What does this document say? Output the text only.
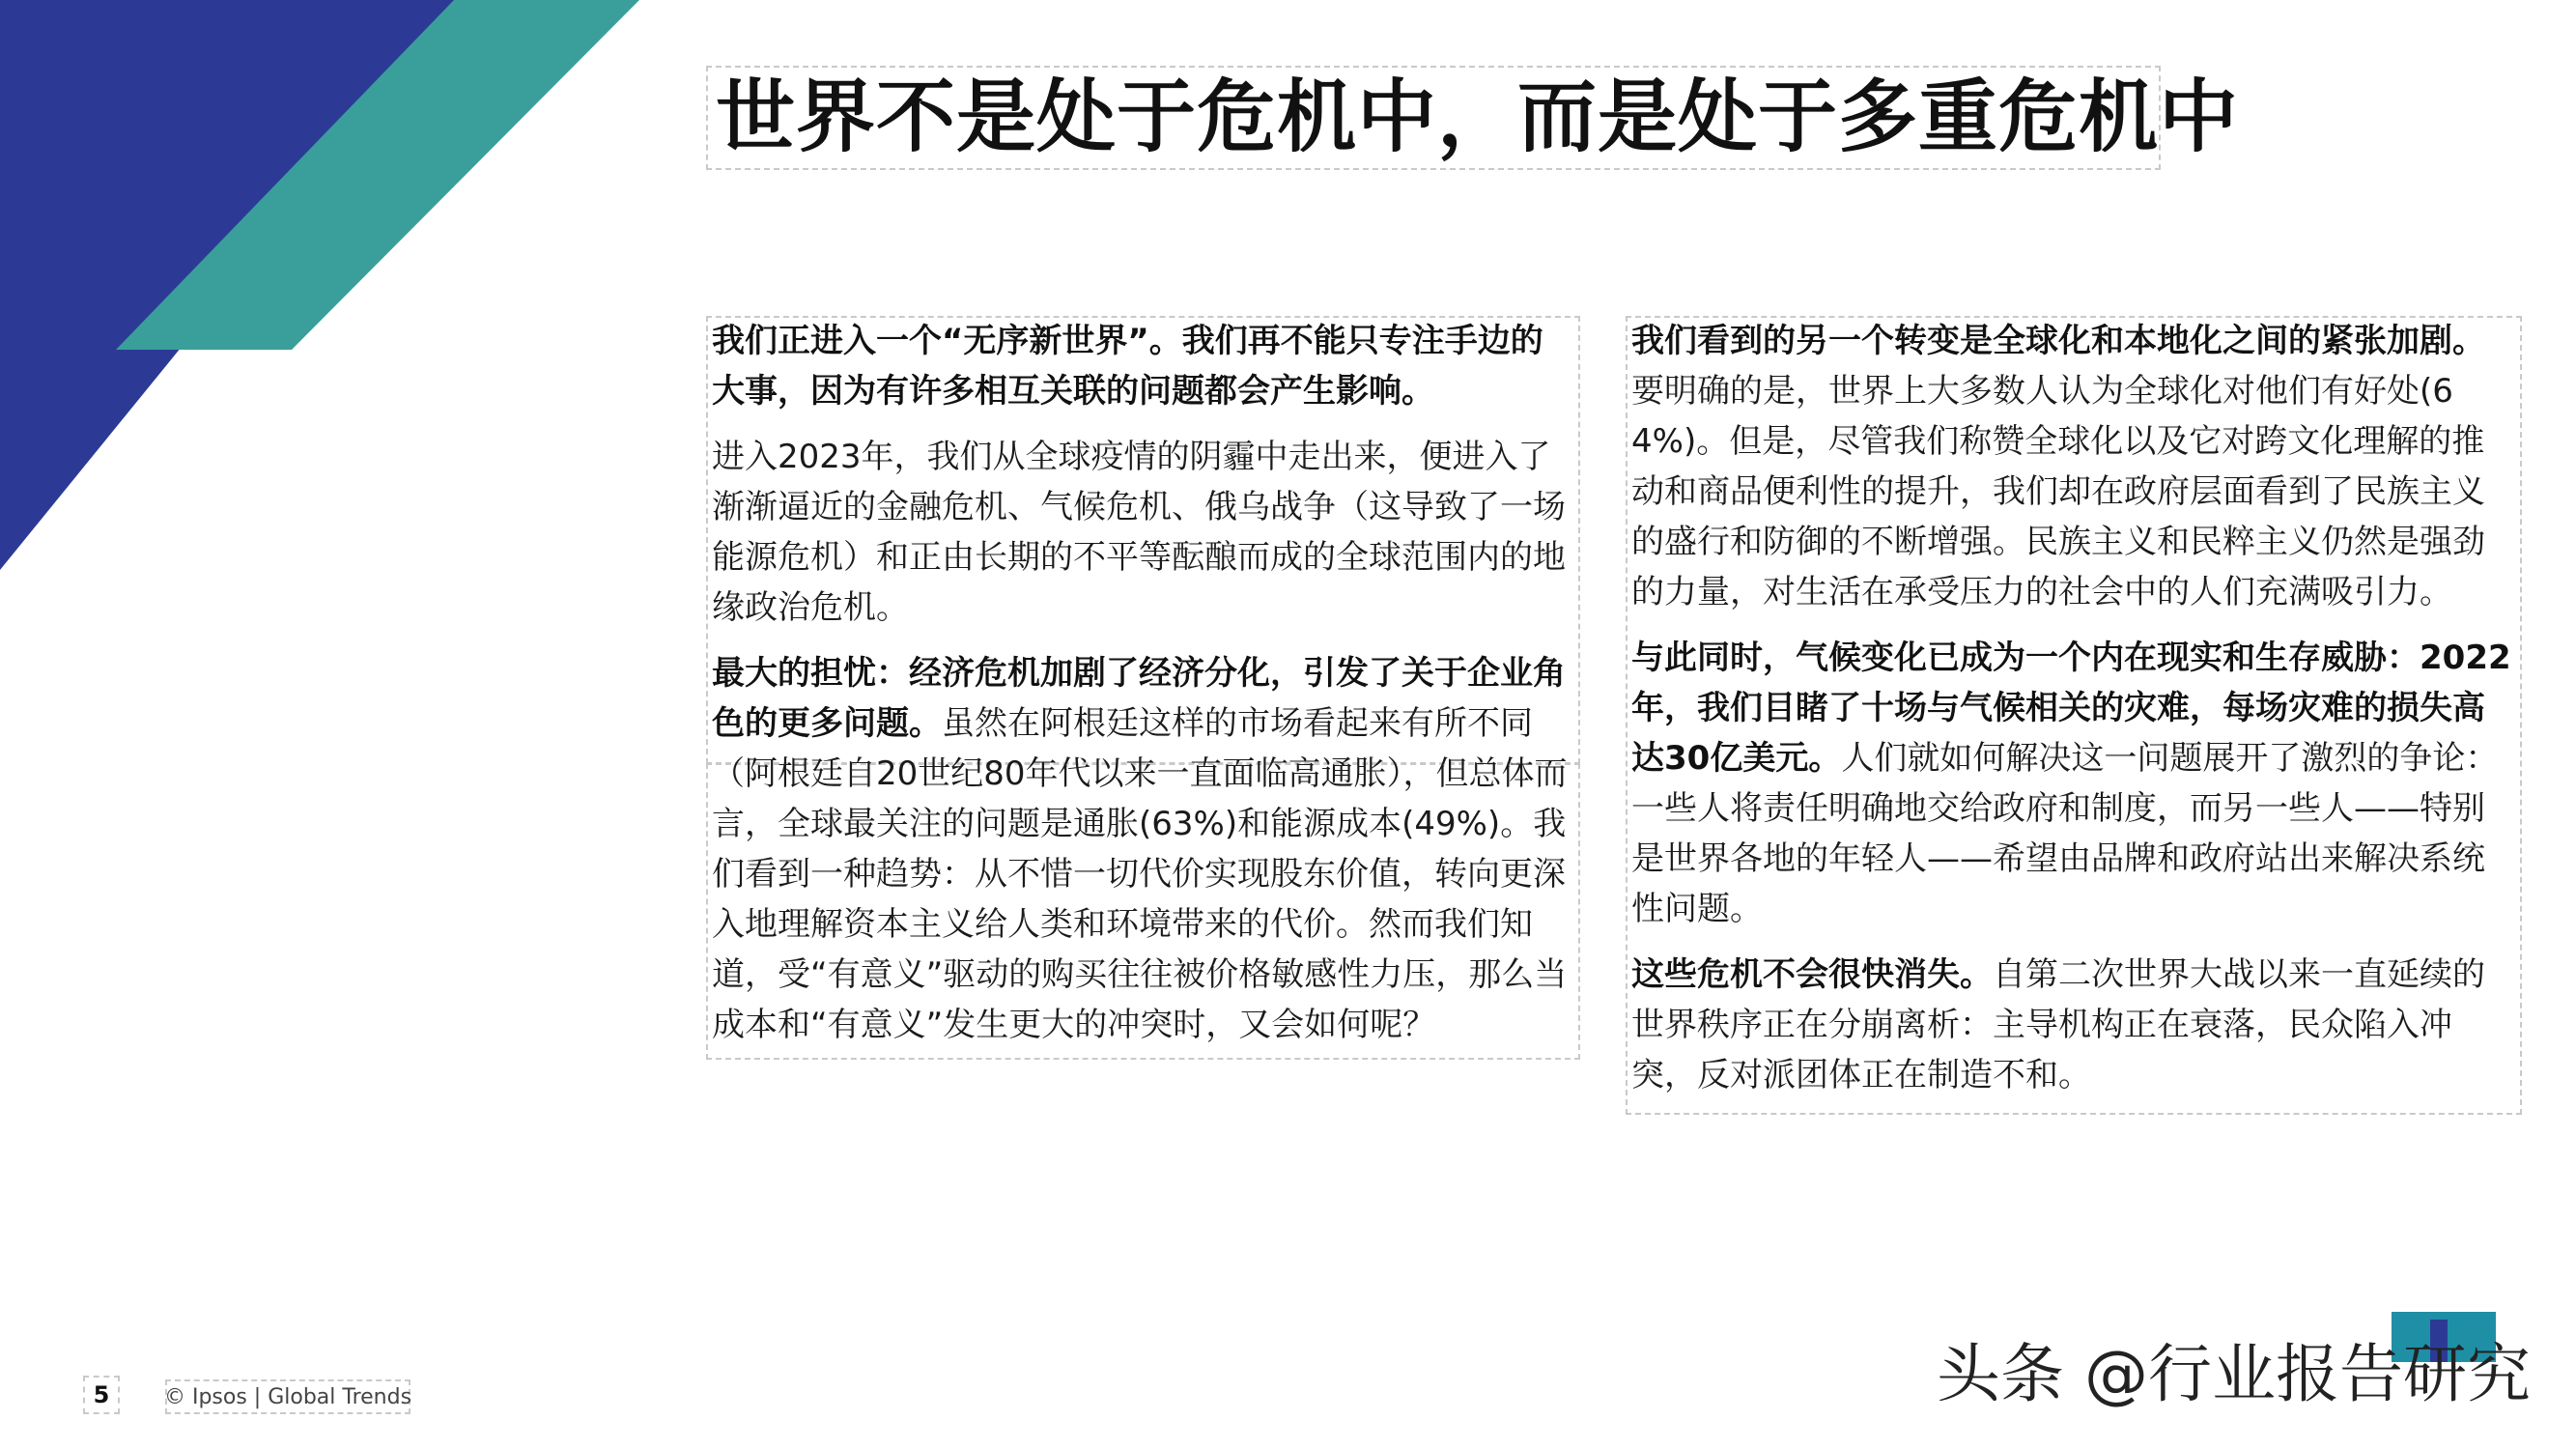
世界不是处于危机中，而是处于多重危机中

我们正进入一个“无序新世界”。我们再不能只专注手边的大事，因为有许多相互关联的问题都会产生影响。

进入2023年，我们从全球疫情的阴霾中走出来，便进入了渐渐逼近的金融危机、气候危机、俄乌战争（这导致了一场能源危机）和正由长期的不平等酝酿而成的全球范围内的地缘政治危机。

最大的担忧：经济危机加剧了经济分化，引发了关于企业角色的更多问题。虽然在阿根廷这样的市场看起来有所不同（阿根廷自20世纪80年代以来一直面临高通胀），但总体而言，全球最关注的问题是通胀(63%)和能源成本(49%)。我们看到一种趋势：从不惜一切代价实现股东价值，转向更深入地理解资本主义给人类和环境带来的代价。然而我们知道，受“有意义”驱动的购买往往被价格敏感性力压，那么当成本和“有意义”发生更大的冲突时，又会如何呢？

我们看到的另一个转变是全球化和本地化之间的紧张加剧。要明确的是，世界上大多数人认为全球化对他们有好处(64%)。但是，尽管我们称赞全球化以及它对跨文化理解的推动和商品便利性的提升，我们却在政府层面看到了民族主义的盛行和防御的不断增强。民族主义和民粹主义仍然是强劲的力量，对生活在承受压力的社会中的人们充满吸引力。

与此同时，气候变化已成为一个内在现实和生存威胁：2022年，我们目睹了十场与气候相关的灾难，每场灾难的损失高达30亿美元。人们就如何解决这一问题展开了激烈的争论：一些人将责任明确地交给政府和制度，而另一些人——特别是世界各地的年轻人——希望由品牌和政府站出来解决系统性问题。

这些危机不会很快消失。自第二次世界大战以来一直延续的世界秩序正在分崩离析：主导机构正在衰落，民众陷入冲突，反对派团体正在制造不和。

5	© Ipsos | Global Trends	头条 @行业报告研究
